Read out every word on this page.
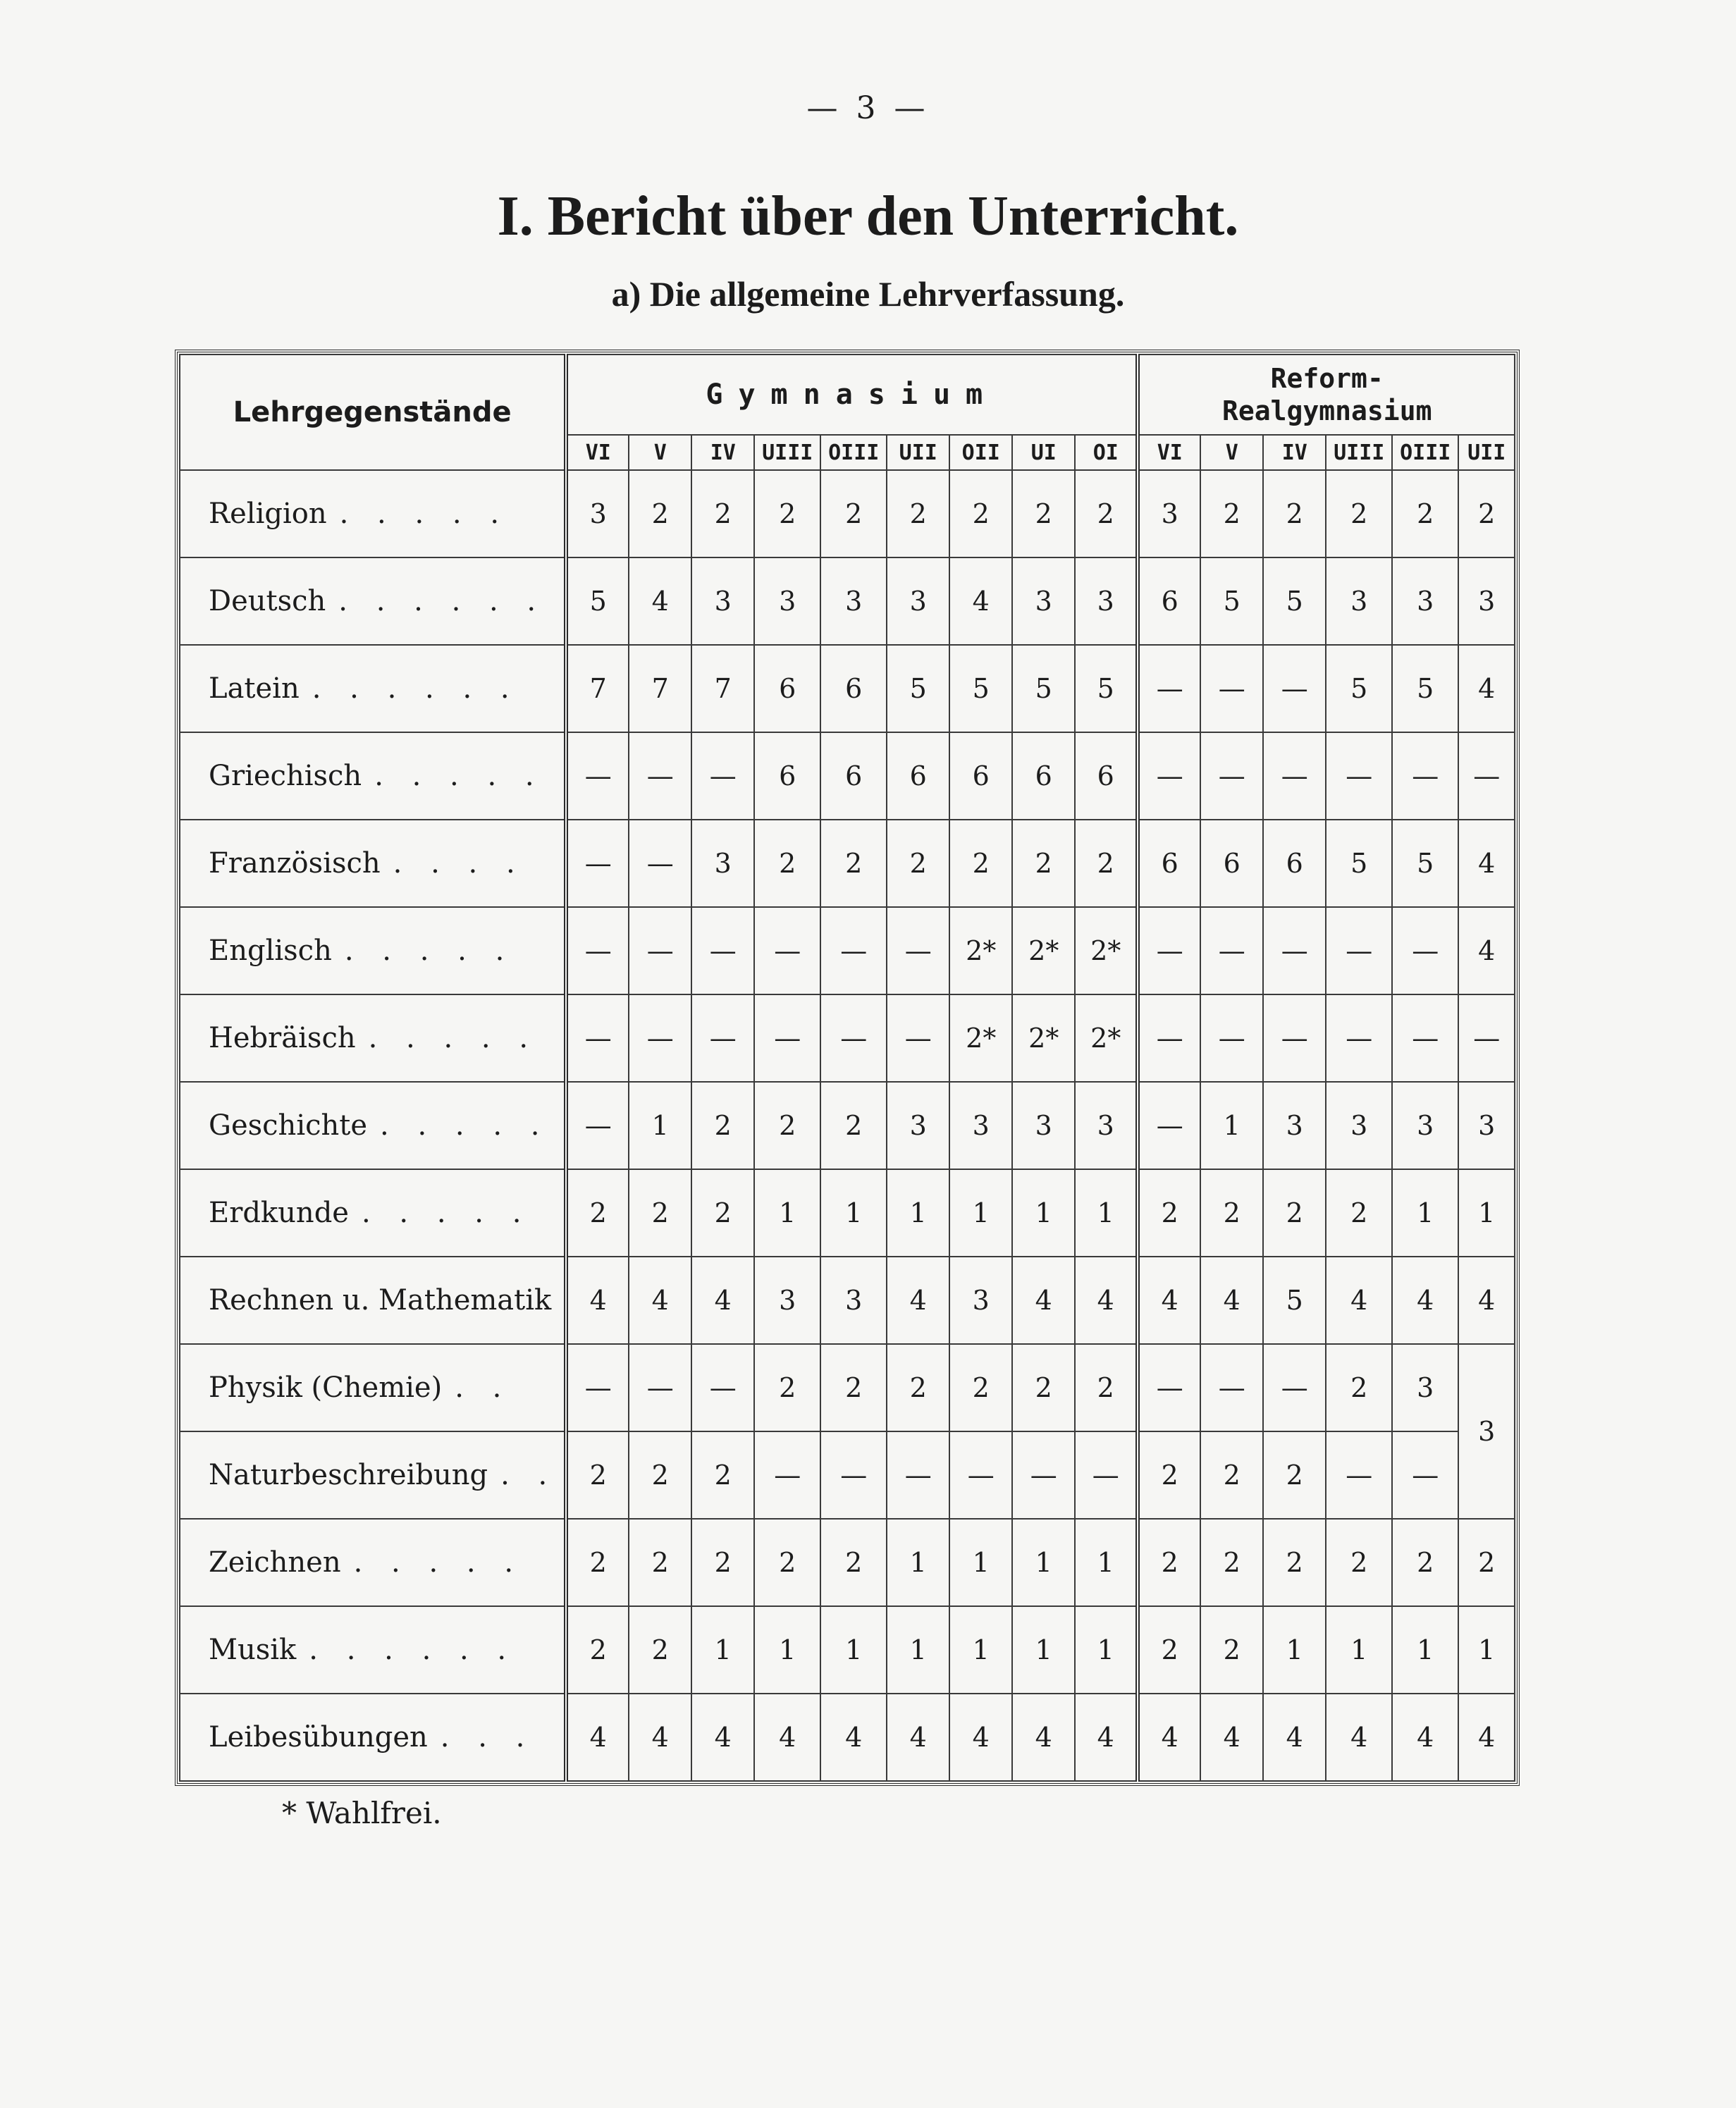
— 3 —
I. Bericht über den Unterricht.
a) Die allgemeine Lehrverfassung.
Lehrgegenstände	Gymnasium									Reform-
Realgymnasium					

	VI	V	IV	UIII	OIII	UII	OII	UI	OI	VI	V	IV	UIII	OIII	UII
Religion . . . . .	3	2	2	2	2	2	2	2	2	3	2	2	2	2	2
Deutsch . . . . . .	5	4	3	3	3	3	4	3	3	6	5	5	3	3	3
Latein . . . . . .	7	7	7	6	6	5	5	5	5	—	—	—	5	5	4
Griechisch . . . . .	—	—	—	6	6	6	6	6	6	—	—	—	—	—	—
Französisch . . . .	—	—	3	2	2	2	2	2	2	6	6	6	5	5	4
Englisch . . . . .	—	—	—	—	—	—	2*	2*	2*	—	—	—	—	—	4
Hebräisch . . . . .	—	—	—	—	—	—	2*	2*	2*	—	—	—	—	—	—
Geschichte . . . . .	—	1	2	2	2	3	3	3	3	—	1	3	3	3	3
Erdkunde . . . . .	2	2	2	1	1	1	1	1	1	2	2	2	2	1	1
Rechnen u. Mathematik	4	4	4	3	3	4	3	4	4	4	4	5	4	4	4
Physik (Chemie) . .	—	—	—	2	2	2	2	2	2	—	—	—	2	3	3
Naturbeschreibung . .	2	2	2	—	—	—	—	—	—	2	2	2	—	—	
Zeichnen . . . . .	2	2	2	2	2	1	1	1	1	2	2	2	2	2	2
Musik . . . . . .	2	2	1	1	1	1	1	1	1	2	2	1	1	1	1
Leibesübungen . . .	4	4	4	4	4	4	4	4	4	4	4	4	4	4	4
* Wahlfrei.
